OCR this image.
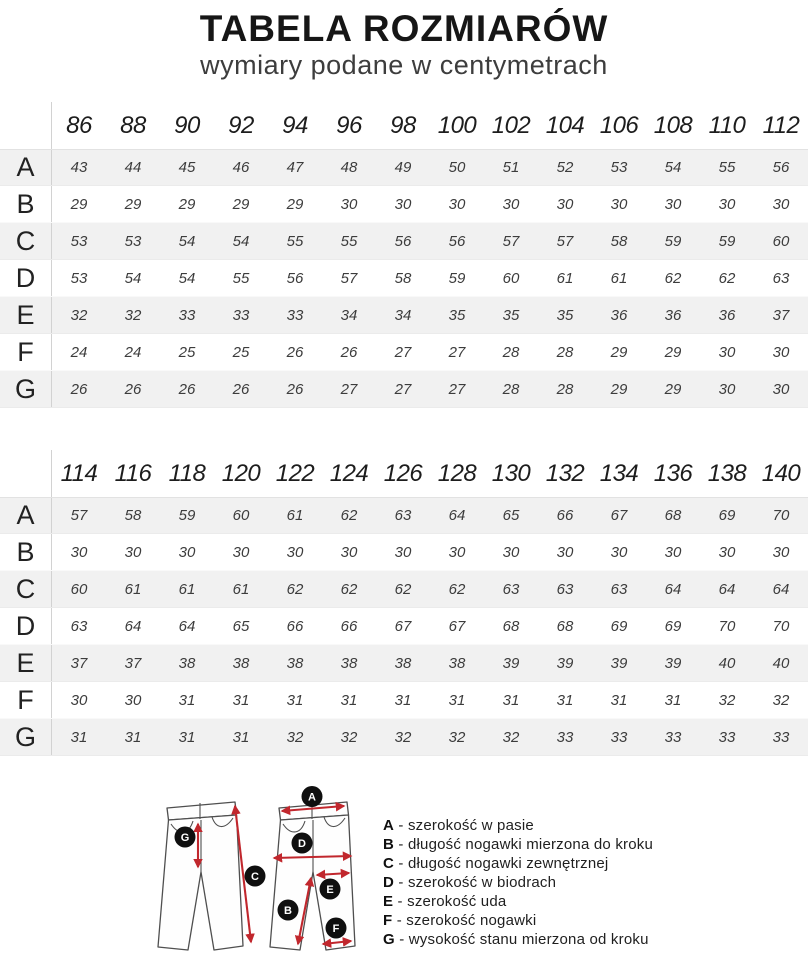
TABELA ROZMIARÓW
wymiary podane w centymetrach
86	88	90	92	94	96	98 100 102 104 106 108 110 112
A	43	44	45	46	47	48	49	50	51	52	53	54	55	56
B	29	29	29	29	29	30	30	30	30	30	30	30	30	30
C	53	53	54	54	55	55	56	56	57	57	58	59	59	60
D	53	54	54	55	56	57	58	59	60	61	61	62	62	63
E	32	32	33	33	33	34	34	35	35	35	36	36	36	37
F	24	24	25	25	26	26	27	27	28	28	29	29	30	30
G	26	26	26	26	26	27	27	27	28	28	29	29	30	30
114 116 118 120 122 124 126 128 130 132 134 136 138 140
A	57	58	59	60	61	62	63	64	65	66	67	68	69	70
B	30	30	30	30	30	30	30	30	30	30	30	30	30	30
C	60	61	61	61	62	62	62	62	63	63	63	64	64	64
D	63	64	64	65	66	66	67	67	68	68	69	69	70	70
E	37	37	38	38	38	38	38	38	39	39	39	39	40	40
F	30	30	31	31	31	31	31	31	31	31	31	31	32	32
G	31	31	31	31	32	32	32	32	32	33	33	33	33	33
G
C
A
D
E
B
F
A - szerokość w pasie
B - długość nogawki mierzona do kroku
C - długość nogawki zewnętrznej
D - szerokość w biodrach
E - szerokość uda
F - szerokość nogawki
G - wysokość stanu mierzona od kroku
